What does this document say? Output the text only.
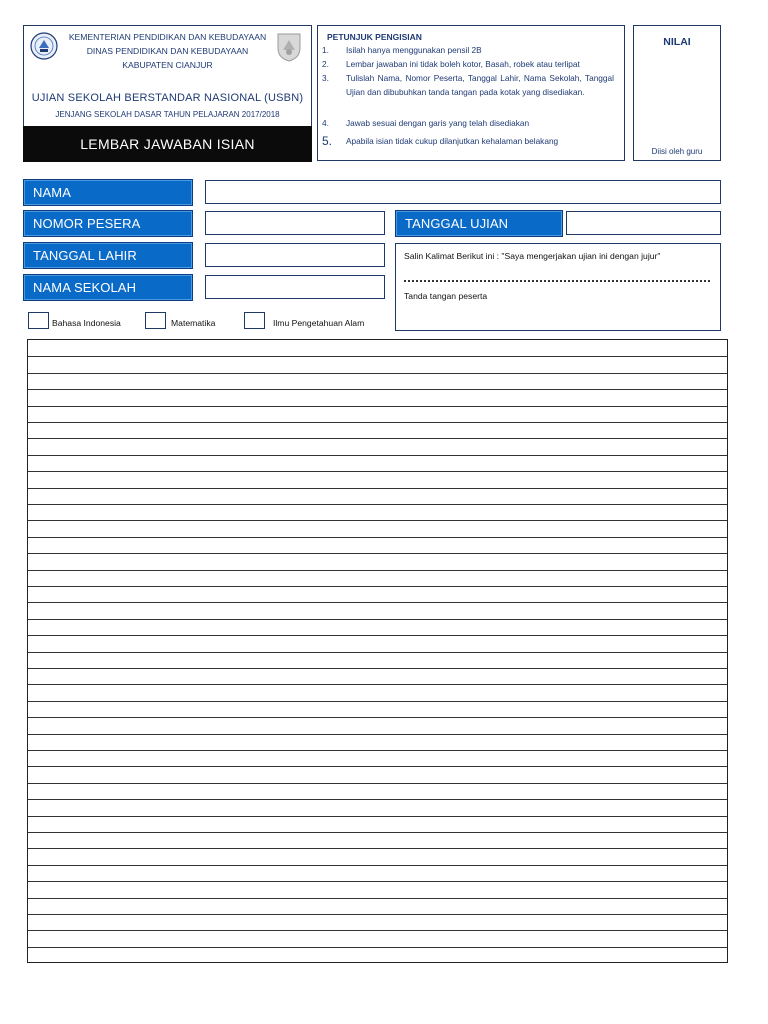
KEMENTERIAN PENDIDIKAN DAN KEBUDAYAAN
DINAS PENDIDIKAN DAN KEBUDAYAAN
KABUPATEN CIANJUR
UJIAN SEKOLAH BERSTANDAR NASIONAL (USBN)
JENJANG SEKOLAH DASAR TAHUN PELAJARAN 2017/2018
LEMBAR JAWABAN ISIAN
PETUNJUK PENGISIAN
1.	Isilah hanya menggunakan pensil 2B
2.	Lembar jawaban ini tidak boleh kotor, Basah, robek atau terlipat
3.	Tulislah Nama, Nomor Peserta, Tanggal Lahir, Nama Sekolah, Tanggal Ujian dan dibubuhkan tanda tangan pada kotak yang disediakan.
4.	Jawab sesuai dengan garis yang telah disediakan
5.	Apabila isian tidak cukup dilanjutkan kehalaman belakang
NILAI
Diisi oleh guru
NAMA
NOMOR PESERA	TANGGAL UJIAN
TANGGAL LAHIR
NAMA SEKOLAH
Salin Kalimat Berikut ini : "Saya mengerjakan ujian ini dengan jujur"
Tanda tangan peserta
Bahasa Indonesia	Matematika	Ilmu Pengetahuan Alam
